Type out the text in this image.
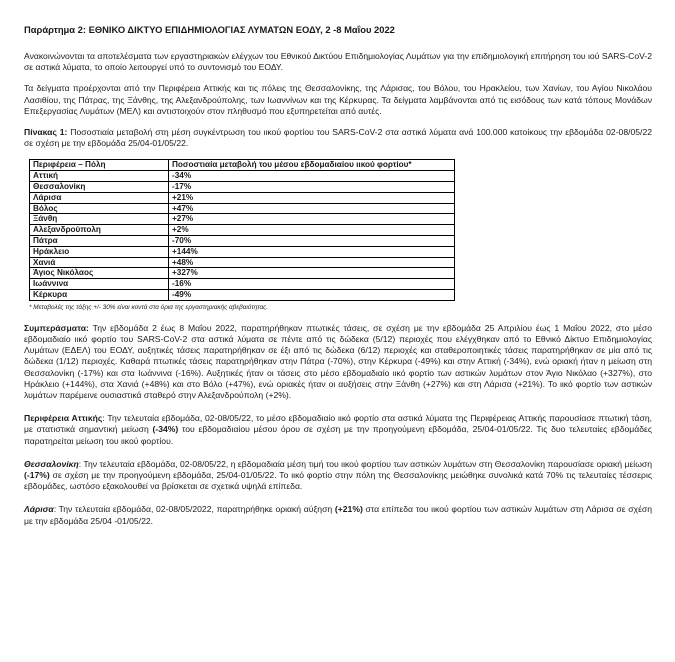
Παράρτημα 2: ΕΘΝΙΚΟ ΔΙΚΤΥΟ ΕΠΙΔΗΜΙΟΛΟΓΙΑΣ ΛΥΜΑΤΩΝ ΕΟΔΥ, 2 -8 Μαΐου 2022

Ανακοινώνονται τα αποτελέσματα των εργαστηριακών ελέγχων του Εθνικού Δικτύου Επιδημιολογίας Λυμάτων για την επιδημιολογική επιτήρηση του ιού SARS-CoV-2 σε αστικά λύματα, το οποίο λειτουργεί υπό το συντονισμό του ΕΟΔΥ.

Τα δείγματα προέρχονται από την Περιφέρεια Αττικής και τις πόλεις της Θεσσαλονίκης, της Λάρισας, του Βόλου, του Ηρακλείου, των Χανίων, του Αγίου Νικολάου Λασιθίου, της Πάτρας, της Ξάνθης, της Αλεξανδρούπολης, των Ιωαννίνων και της Κέρκυρας. Τα δείγματα λαμβάνονται από τις εισόδους των κατά τόπους Μονάδων Επεξεργασίας Λυμάτων (ΜΕΛ) και αντιστοιχούν στον πληθυσμό που εξυπηρετείται από αυτές.

Πίνακας 1: Ποσοστιαία μεταβολή στη μέση συγκέντρωση του ιικού φορτίου του SARS-CoV-2 στα αστικά λύματα ανά 100.000 κατοίκους την εβδομάδα 02-08/05/22 σε σχέση με την εβδομάδα 25/04-01/05/22.

Περιφέρεια – Πόλη	Ποσοστιαία μεταβολή του μέσου εβδομαδιαίου ιικού φορτίου*
Αττική	-34%
Θεσσαλονίκη	-17%
Λάρισα	+21%
Βόλος	+47%
Ξάνθη	+27%
Αλεξανδρούπολη	+2%
Πάτρα	-70%
Ηράκλειο	+144%
Χανιά	+48%
Άγιος Νικόλαος	+327%
Ιωάννινα	-16%
Κέρκυρα	-49%
* Μεταβολές της τάξης +/- 30% είναι κοντά στα όρια της εργαστηριακής αβεβαιότητας.

Συμπεράσματα: Την εβδομάδα 2 έως 8 Μαΐου 2022, παρατηρήθηκαν πτωτικές τάσεις, σε σχέση με την εβδομάδα 25 Απριλίου έως 1 Μαΐου 2022, στο μέσο εβδομαδιαίο ιικό φορτίο του SARS-CoV-2 στα αστικά λύματα σε πέντε από τις δώδεκα (5/12) περιοχές που ελέγχθηκαν από το Εθνικό Δίκτυο Επιδημιολογίας Λυμάτων (ΕΔΕΛ) του ΕΟΔΥ, αυξητικές τάσεις παρατηρήθηκαν σε έξι από τις δώδεκα (6/12) περιοχές και σταθεροποιητικές τάσεις παρατηρήθηκαν σε μία από τις δώδεκα (1/12) περιοχές. Καθαρά πτωτικές τάσεις παρατηρήθηκαν στην Πάτρα (-70%), στην Κέρκυρα (-49%) και στην Αττική (-34%), ενώ οριακή ήταν η μείωση στη Θεσσαλονίκη (-17%) και στα Ιωάννινα (-16%). Αυξητικές ήταν οι τάσεις στο μέσο εβδομαδιαίο ιικό φορτίο των αστικών λυμάτων στον Άγιο Νικόλαο (+327%), στο Ηράκλειο (+144%), στα Χανιά (+48%) και στο Βόλο (+47%), ενώ οριακές ήταν οι αυξήσεις στην Ξάνθη (+27%) και στη Λάρισα (+21%). Το ιικό φορτίο των αστικών λυμάτων παρέμεινε ουσιαστικά σταθερό στην Αλεξανδρούπολη (+2%).

Περιφέρεια Αττικής: Την τελευταία εβδομάδα, 02-08/05/22, το μέσο εβδομαδιαίο ιικό φορτίο στα αστικά λύματα της Περιφέρειας Αττικής παρουσίασε πτωτική τάση, με στατιστικά σημαντική μείωση (-34%) του εβδομαδιαίου μέσου όρου σε σχέση με την προηγούμενη εβδομάδα, 25/04-01/05/22. Τις δυο τελευταίες εβδομάδες παρατηρείται μείωση του ιικού φορτίου.

Θεσσαλονίκη: Την τελευταία εβδομάδα, 02-08/05/22, η εβδομαδιαία μέση τιμή του ιικού φορτίου των αστικών λυμάτων στη Θεσσαλονίκη παρουσίασε οριακή μείωση (-17%) σε σχέση με την προηγούμενη εβδομάδα, 25/04-01/05/22. Το ιικό φορτίο στην πόλη της Θεσσαλονίκης μειώθηκε συνολικά κατά 70% τις τελευταίες τέσσερις εβδομάδες, ωστόσο εξακολουθεί να βρίσκεται σε σχετικά υψηλά επίπεδα.

Λάρισα: Την τελευταία εβδομάδα, 02-08/05/2022, παρατηρήθηκε οριακή αύξηση (+21%) στα επίπεδα του ιικού φορτίου των αστικών λυμάτων στη Λάρισα σε σχέση με την εβδομάδα 25/04 -01/05/22.
